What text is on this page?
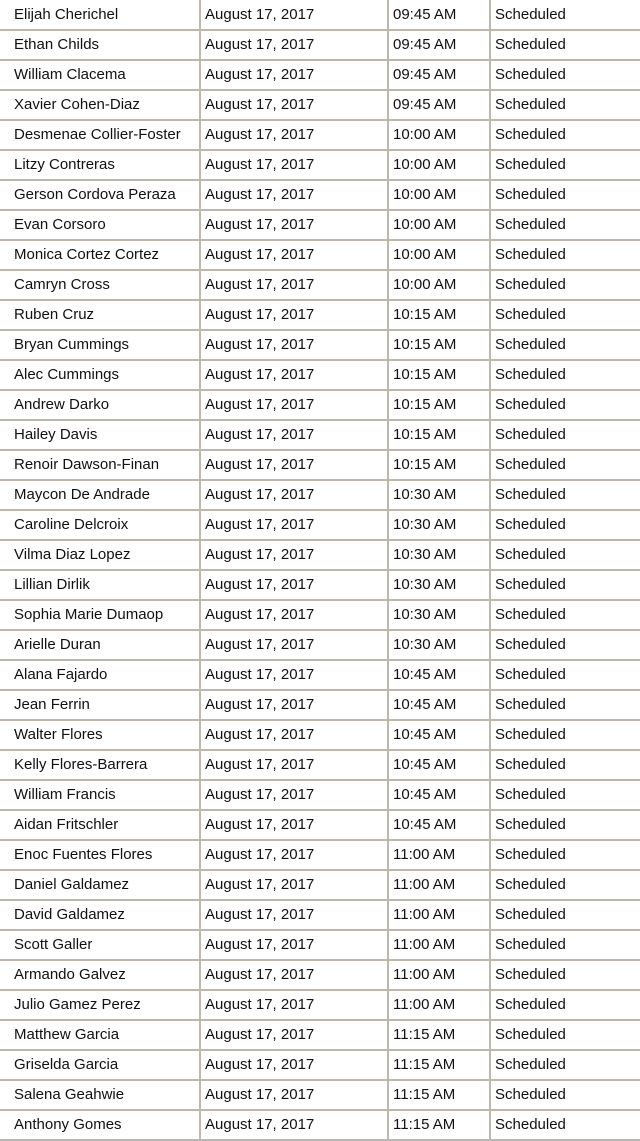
Elijah Cherichel	August 17, 2017	09:45 AM	Scheduled
Ethan Childs	August 17, 2017	09:45 AM	Scheduled
William Clacema	August 17, 2017	09:45 AM	Scheduled
Xavier Cohen-Diaz	August 17, 2017	09:45 AM	Scheduled
Desmenae Collier-Foster	August 17, 2017	10:00 AM	Scheduled
Litzy Contreras	August 17, 2017	10:00 AM	Scheduled
Gerson Cordova Peraza	August 17, 2017	10:00 AM	Scheduled
Evan Corsoro	August 17, 2017	10:00 AM	Scheduled
Monica Cortez Cortez	August 17, 2017	10:00 AM	Scheduled
Camryn Cross	August 17, 2017	10:00 AM	Scheduled
Ruben Cruz	August 17, 2017	10:15 AM	Scheduled
Bryan Cummings	August 17, 2017	10:15 AM	Scheduled
Alec Cummings	August 17, 2017	10:15 AM	Scheduled
Andrew Darko	August 17, 2017	10:15 AM	Scheduled
Hailey Davis	August 17, 2017	10:15 AM	Scheduled
Renoir Dawson-Finan	August 17, 2017	10:15 AM	Scheduled
Maycon De Andrade	August 17, 2017	10:30 AM	Scheduled
Caroline Delcroix	August 17, 2017	10:30 AM	Scheduled
Vilma Diaz Lopez	August 17, 2017	10:30 AM	Scheduled
Lillian Dirlik	August 17, 2017	10:30 AM	Scheduled
Sophia Marie Dumaop	August 17, 2017	10:30 AM	Scheduled
Arielle Duran	August 17, 2017	10:30 AM	Scheduled
Alana Fajardo	August 17, 2017	10:45 AM	Scheduled
Jean Ferrin	August 17, 2017	10:45 AM	Scheduled
Walter Flores	August 17, 2017	10:45 AM	Scheduled
Kelly Flores-Barrera	August 17, 2017	10:45 AM	Scheduled
William Francis	August 17, 2017	10:45 AM	Scheduled
Aidan Fritschler	August 17, 2017	10:45 AM	Scheduled
Enoc Fuentes Flores	August 17, 2017	11:00 AM	Scheduled
Daniel Galdamez	August 17, 2017	11:00 AM	Scheduled
David Galdamez	August 17, 2017	11:00 AM	Scheduled
Scott Galler	August 17, 2017	11:00 AM	Scheduled
Armando Galvez	August 17, 2017	11:00 AM	Scheduled
Julio Gamez Perez	August 17, 2017	11:00 AM	Scheduled
Matthew Garcia	August 17, 2017	11:15 AM	Scheduled
Griselda Garcia	August 17, 2017	11:15 AM	Scheduled
Salena Geahwie	August 17, 2017	11:15 AM	Scheduled
Anthony Gomes	August 17, 2017	11:15 AM	Scheduled
